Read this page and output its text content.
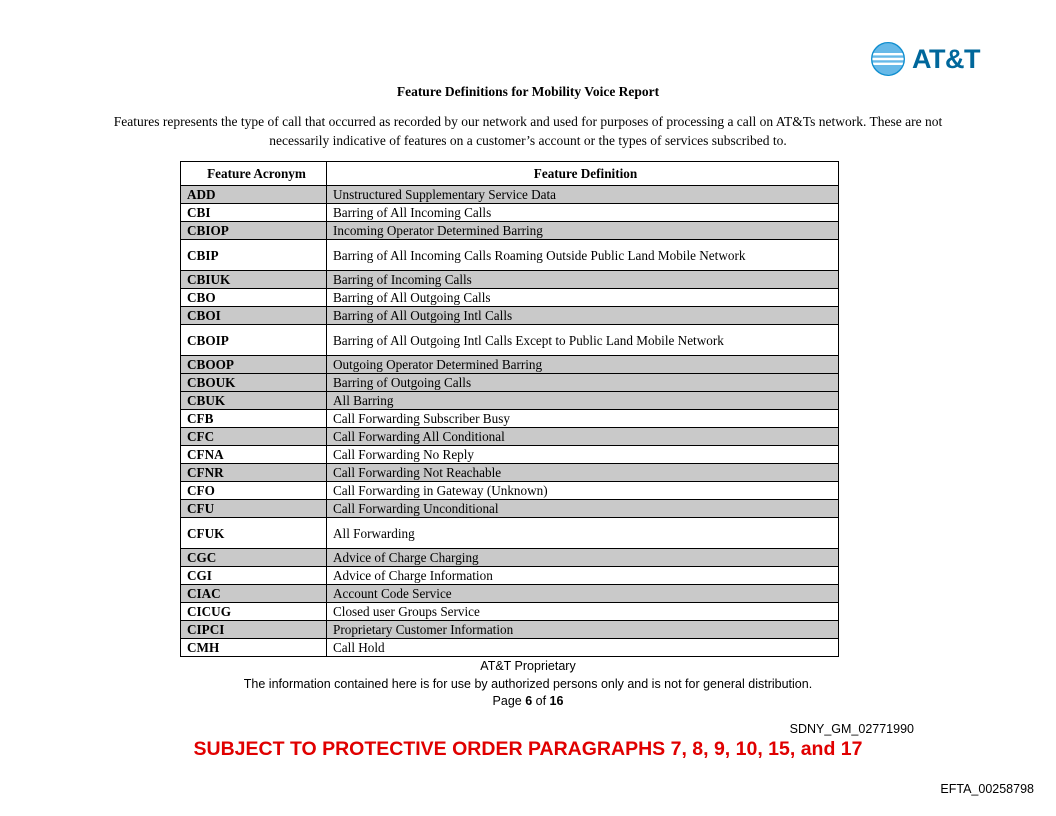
AT&T
Feature Definitions for Mobility Voice Report
Features represents the type of call that occurred as recorded by our network and used for purposes of processing a call on AT&Ts network. These are not necessarily indicative of features on a customer’s account or the types of services subscribed to.
Feature Acronym	Feature Definition
ADD	Unstructured Supplementary Service Data
CBI	Barring of All Incoming Calls
CBIOP	Incoming Operator Determined Barring
CBIP	Barring of All Incoming Calls Roaming Outside Public Land Mobile Network
CBIUK	Barring of Incoming Calls
CBO	Barring of All Outgoing Calls
CBOI	Barring of All Outgoing Intl Calls
CBOIP	Barring of All Outgoing Intl Calls Except to Public Land Mobile Network
CBOOP	Outgoing Operator Determined Barring
CBOUK	Barring of Outgoing Calls
CBUK	All Barring
CFB	Call Forwarding Subscriber Busy
CFC	Call Forwarding All Conditional
CFNA	Call Forwarding No Reply
CFNR	Call Forwarding Not Reachable
CFO	Call Forwarding in Gateway (Unknown)
CFU	Call Forwarding Unconditional
CFUK	All Forwarding
CGC	Advice of Charge Charging
CGI	Advice of Charge Information
CIAC	Account Code Service
CICUG	Closed user Groups Service
CIPCI	Proprietary Customer Information
CMH	Call Hold
AT&T Proprietary
The information contained here is for use by authorized persons only and is not for general distribution.
Page 6 of 16
SDNY_GM_02771990
SUBJECT TO PROTECTIVE ORDER PARAGRAPHS 7, 8, 9, 10, 15, and 17
EFTA_00258798
